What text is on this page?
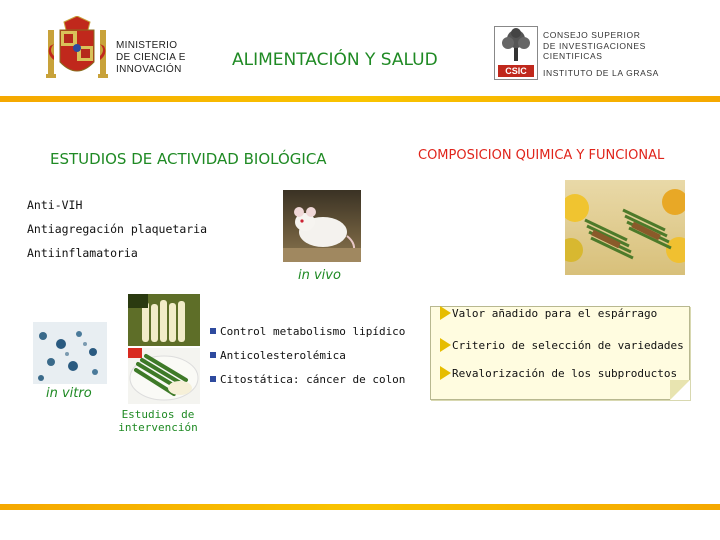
MINISTERIO
DE CIENCIA E
INNOVACIÓN	ALIMENTACIÓN Y SALUD
CSIC
CONSEJO SUPERIOR
DE INVESTIGACIONES
CIENTIFICAS
INSTITUTO DE LA GRASA
ESTUDIOS DE ACTIVIDAD BIOLÓGICA	COMPOSICION QUIMICA Y FUNCIONAL
Anti-VIH
Antiagregación plaquetaria
Antiinflamatoria
in vivo
in vitro
Estudios de
intervención
Control metabolismo lipídico
Anticolesterolémica
Citostática: cáncer de colon
Valor añadido para el espárrago
Criterio de selección de variedades
Revalorización de los subproductos
